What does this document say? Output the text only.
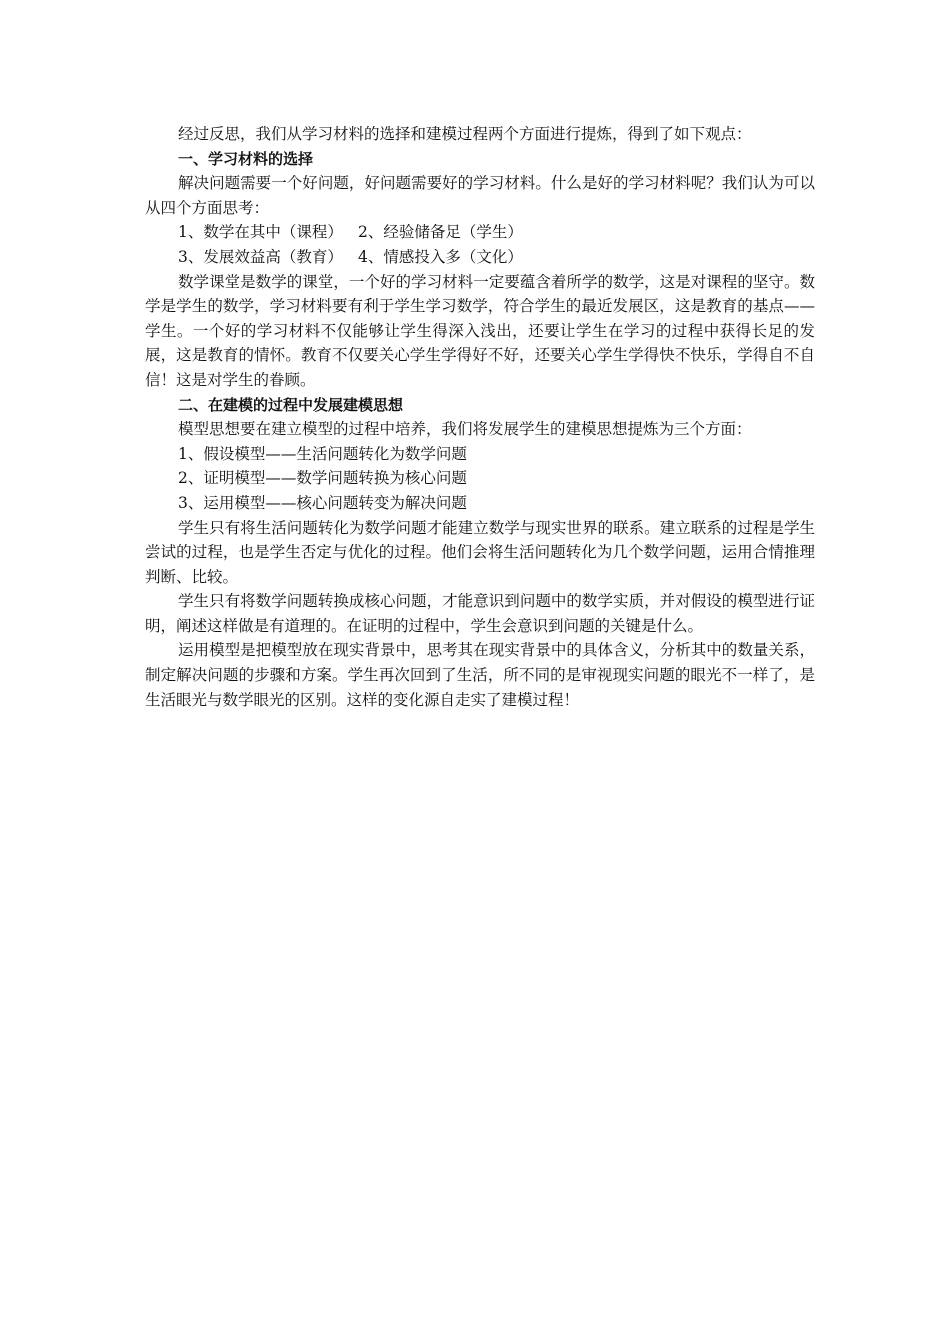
经过反思，我们从学习材料的选择和建模过程两个方面进行提炼，得到了如下观点：

一、学习材料的选择

解决问题需要一个好问题，好问题需要好的学习材料。什么是好的学习材料呢？我们认为可以从四个方面思考：

1、数学在其中（课程） 2、经验储备足（学生）
3、发展效益高（教育） 4、情感投入多（文化）

数学课堂是数学的课堂，一个好的学习材料一定要蕴含着所学的数学，这是对课程的坚守。数学是学生的数学，学习材料要有利于学生学习数学，符合学生的最近发展区，这是教育的基点——学生。一个好的学习材料不仅能够让学生得深入浅出，还要让学生在学习的过程中获得长足的发展，这是教育的情怀。教育不仅要关心学生学得好不好，还要关心学生学得快不快乐，学得自不自信！这是对学生的眷顾。

二、在建模的过程中发展建模思想

模型思想要在建立模型的过程中培养，我们将发展学生的建模思想提炼为三个方面：

1、假设模型——生活问题转化为数学问题
2、证明模型——数学问题转换为核心问题
3、运用模型——核心问题转变为解决问题

学生只有将生活问题转化为数学问题才能建立数学与现实世界的联系。建立联系的过程是学生尝试的过程，也是学生否定与优化的过程。他们会将生活问题转化为几个数学问题，运用合情推理判断、比较。

学生只有将数学问题转换成核心问题，才能意识到问题中的数学实质，并对假设的模型进行证明，阐述这样做是有道理的。在证明的过程中，学生会意识到问题的关键是什么。

运用模型是把模型放在现实背景中，思考其在现实背景中的具体含义，分析其中的数量关系，制定解决问题的步骤和方案。学生再次回到了生活，所不同的是审视现实问题的眼光不一样了，是生活眼光与数学眼光的区别。这样的变化源自走实了建模过程！
